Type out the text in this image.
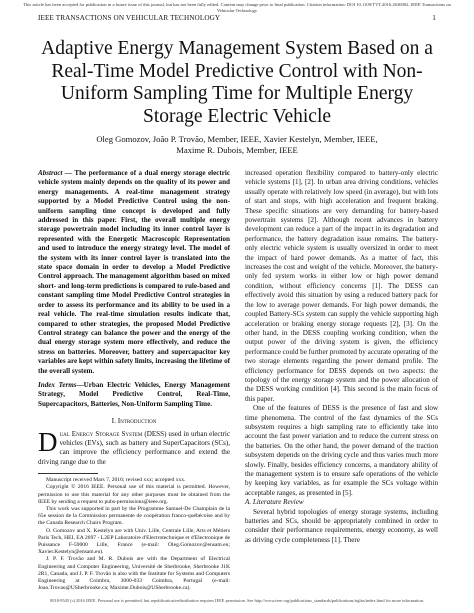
This article has been accepted for publication in a future issue of this journal, but has not been fully edited. Content may change prior to final publication. Citation information: DOI 10.1109/TVT.2016.2636902, IEEE Transactions on Vehicular Technology
IEEE TRANSACTIONS ON VEHICULAR TECHNOLOGY	1
Adaptive Energy Management System Based on a Real-Time Model Predictive Control with Non-Uniform Sampling Time for Multiple Energy Storage Electric Vehicle
Oleg Gomozov, João P. Trovão, Member, IEEE, Xavier Kestelyn, Member, IEEE,
Maxime R. Dubois, Member, IEEE
Abstract — The performance of a dual energy storage electric vehicle system mainly depends on the quality of its power and energy managements. A real-time management strategy supported by a Model Predictive Control using the non-uniform sampling time concept is developed and fully addressed in this paper. First, the overall multiple energy storage powertrain model including its inner control layer is represented with the Energetic Macroscopic Representation and used to introduce the energy strategy level. The model of the system with its inner control layer is translated into the state space domain in order to develop a Model Predictive Control approach. The management algorithm based on mixed short- and long-term predictions is compared to rule-based and constant sampling time Model Predictive Control strategies in order to assess its performance and its ability to be used in a real vehicle. The real-time simulation results indicate that, compared to other strategies, the proposed Model Predictive Control strategy can balance the power and the energy of the dual energy storage system more effectively, and reduce the stress on batteries. Moreover, battery and supercapacitor key variables are kept within safety limits, increasing the lifetime of the overall system.
Index Terms—Urban Electric Vehicles, Energy Management Strategy, Model Predictive Control, Real-Time, Supercapacitors, Batteries, Non-Uniform Sampling Time.
I. Introduction
Dual Energy Storage System (DESS) used in urban electric vehicles (EVs), such as battery and SuperCapacitors (SCs), can improve the efficiency performance and extend the driving range due to the

Manuscript received Mars 7, 2016; revised xxx; accepted xxx.

Copyright © 2016 IEEE. Personal use of this material is permitted. However, permission to use this material for any other purposes must be obtained from the IEEE by sending a request to pubs-permissions@ieee.org.

This work was supported in part by the Programme Samuel-De Champlain de la 65e session de la Commission permanente de coopération franco-québécoise and by the Canada Research Chairs Program.

O. Gomozov and X. Kestelyn are with Univ. Lille, Centrale Lille, Arts et Métiers Paris Tech, HEI, EA 2697 - L2EP Laboratoire d'Electrotechnique et d'Electronique de Puissance F-59000 Lille, France (e-mail: Oleg.Gomozov@ensam.eu; Xavier.Kestelyn@ensam.eu).

J. P. F. Trovão and M. R. Dubois are with the Department of Electrical Engineering and Computer Engineering, Université de Sherbrooke, Sherbrooke J1K 2R1, Canada, and J. P. F. Trovão is also with the Institute for Systems and Computers Engineering at Coimbra, 3000-033 Coimbra, Portugal (e-mail: Joao.Trovao@USherbrooke.ca; Maxime.Dubois@USherbrooke.ca).

increased operation flexibility compared to battery-only electric vehicle systems [1], [2]. In urban area driving conditions, vehicles usually operate with relatively low speed (in average), but with lots of start and stops, with high acceleration and frequent braking. These specific situations are very demanding for battery-based powertrain systems [2]. Although recent advances in battery development can reduce a part of the impact in its degradation and performance, the battery degradation issue remains. The battery-only electric vehicle system is usually oversized in order to meet the impact of hard power demands. As a matter of fact, this increases the cost and weight of the vehicle. Moreover, the battery-only fed system works in either low or high power demand condition, without efficiency concerns [1]. The DESS can effectively avoid this situation by using a reduced battery pack for the low to average power demands. For high power demands, the coupled Battery-SCs system can supply the vehicle supporting high acceleration or braking energy storage requests [2], [3]. On the other hand, in the DESS coupling working condition, when the output power of the driving system is given, the efficiency performance could be further promoted by accurate operating of the two storage elements regarding the power demand profile. The efficiency performance for DESS depends on two aspects: the topology of the energy storage system and the power allocation of the DESS working condition [4]. This second is the main focus of this paper.

One of the features of DESS is the presence of fast and slow time phenomena. The control of the fast dynamics of the SCs subsystem requires a high sampling rate to efficiently take into account the fast power variation and to reduce the current stress on the batteries. On the other hand, the power demand of the traction subsystem depends on the driving cycle and thus varies much more slowly. Finally, besides efficiency concerns, a mandatory ability of the management system is to ensure safe operations of the vehicle by keeping key variables, as for example the SCs voltage within acceptable ranges, as presented in [5].

A. Literature Review

Several hybrid topologies of energy storage systems, including batteries and SCs, should be appropriately combined in order to consider their performance requirements, energy economy, as well as driving cycle completeness [1]. There

0018-9545 (c) 2016 IEEE. Personal use is permitted, but republication/redistribution requires IEEE permission. See http://www.ieee.org/publications_standards/publications/rights/index.html for more information.
